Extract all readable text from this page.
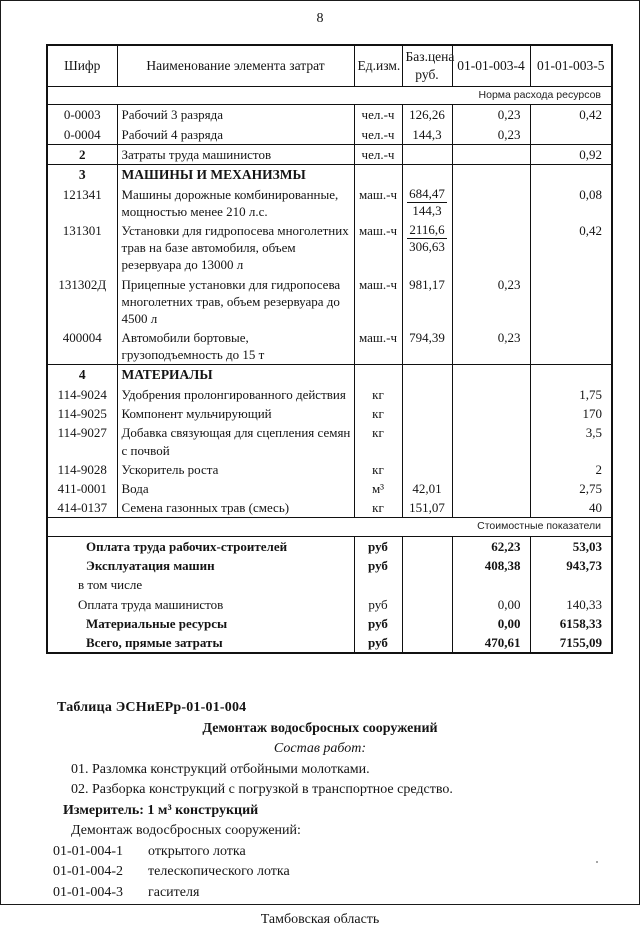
8
Шифр	Наименование элемента затрат	Ед.изм.	Баз.цена руб.	01-01-003-4	01-01-003-5
Норма расхода ресурсов					
0-0003	Рабочий 3 разряда	чел.-ч	126,26	0,23	0,42
0-0004	Рабочий 4 разряда	чел.-ч	144,3	0,23	
2	Затраты труда машинистов	чел.-ч			0,92
3	МАШИНЫ И МЕХАНИЗМЫ				
121341	Машины дорожные комбинированные, мощностью менее 210 л.с.	маш.-ч	$\frac{684,47}{144,3}$		0,08
131301	Установки для гидропосева многолетних трав на базе автомобиля, объем резервуара до 13000 л	маш.-ч	$\frac{2116,6}{306,63}$		0,42
131302Д	Прицепные установки для гидропосева многолетних трав, объем резервуара до 4500 л	маш.-ч	981,17	0,23	
400004	Автомобили бортовые, грузоподъемность до 15 т	маш.-ч	794,39	0,23	
4	МАТЕРИАЛЫ				
114-9024	Удобрения пролонгированного действия	кг			1,75
114-9025	Компонент мульчирующий	кг			170
114-9027	Добавка связующая для сцепления семян с почвой	кг			3,5
114-9028	Ускоритель роста	кг			2
411-0001	Вода	м³	42,01		2,75
414-0137	Семена газонных трав (смесь)	кг	151,07		40
Стоимостные показатели					
Оплата труда рабочих-строителей		руб		62,23	53,03
Эксплуатация машин		руб		408,38	943,73
в том числе					
Оплата труда машинистов		руб		0,00	140,33
Материальные ресурсы		руб		0,00	6158,33
Всего, прямые затраты		руб		470,61	7155,09
Таблица ЭСНиЕРр-01-01-004
Демонтаж водосбросных сооружений
Состав работ:
01. Разломка конструкций отбойными молотками.
02. Разборка конструкций с погрузкой в транспортное средство.
Измеритель: 1 м³ конструкций
Демонтаж водосбросных сооружений:
01-01-004-1	открытого лотка
01-01-004-2	телескопического лотка
01-01-004-3	гасителя
Тамбовская область
